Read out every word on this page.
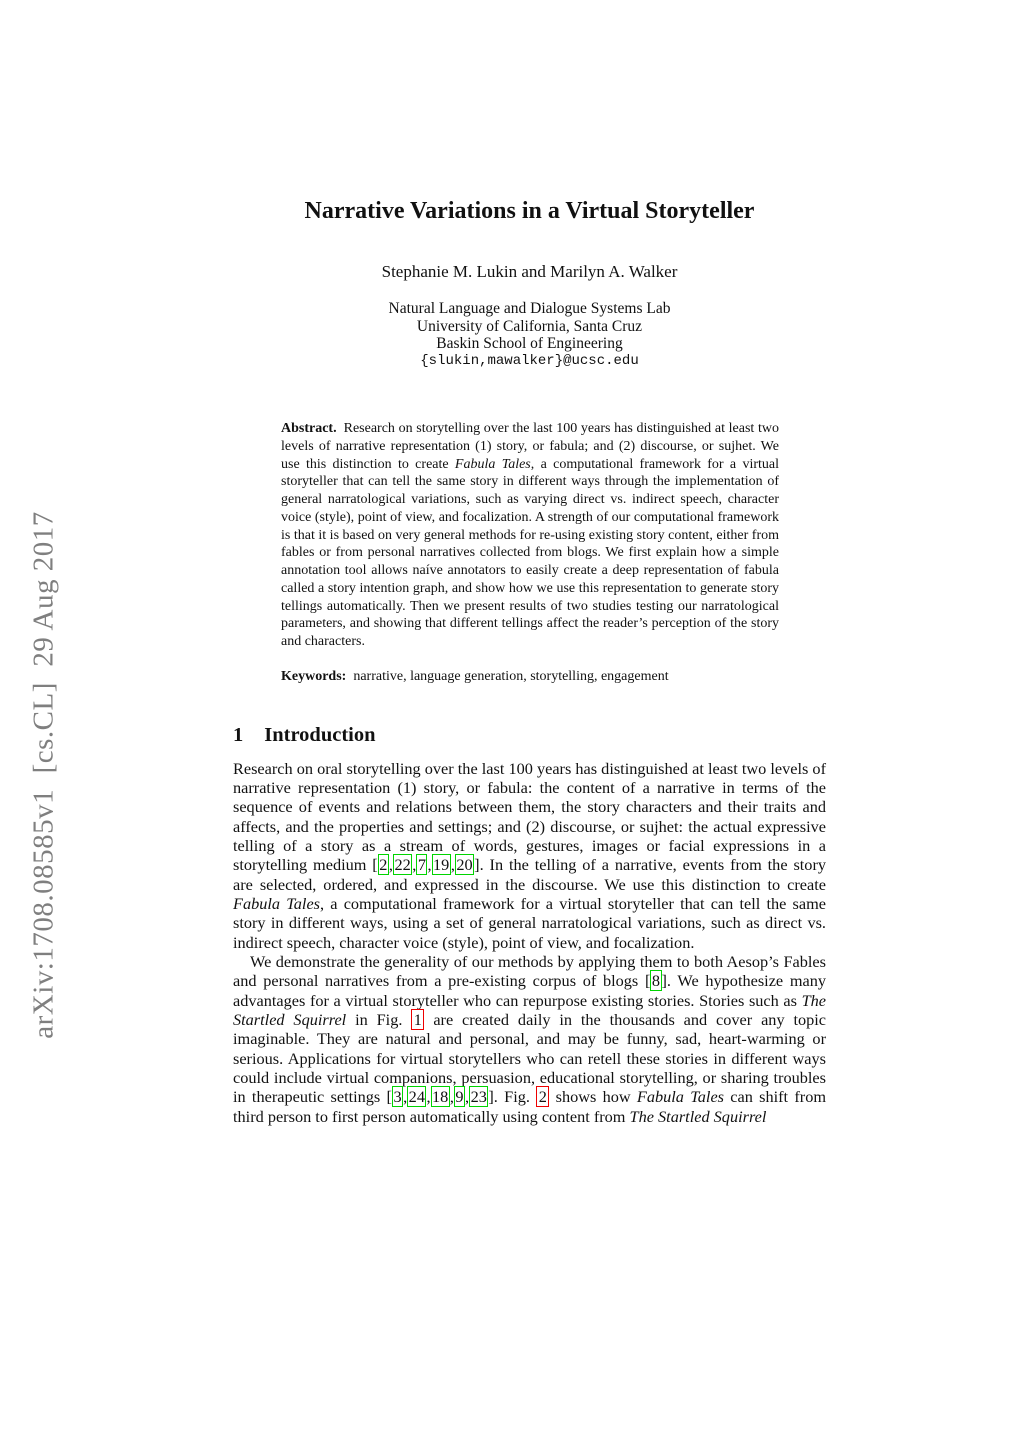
arXiv:1708.08585v1  [cs.CL]  29 Aug 2017
Narrative Variations in a Virtual Storyteller
Stephanie M. Lukin and Marilyn A. Walker
Natural Language and Dialogue Systems Lab
University of California, Santa Cruz
Baskin School of Engineering
{slukin,mawalker}@ucsc.edu

Abstract. Research on storytelling over the last 100 years has distinguished at least two levels of narrative representation (1) story, or fabula; and (2) discourse, or sujhet. We use this distinction to create Fabula Tales, a computational framework for a virtual storyteller that can tell the same story in different ways through the implementation of general narratological variations, such as varying direct vs. indirect speech, character voice (style), point of view, and focalization. A strength of our computational framework is that it is based on very general methods for re-using existing story content, either from fables or from personal narratives collected from blogs. We first explain how a simple annotation tool allows naíve annotators to easily create a deep representation of fabula called a story intention graph, and show how we use this representation to generate story tellings automatically. Then we present results of two studies testing our narratological parameters, and showing that different tellings affect the reader’s perception of the story and characters.

Keywords: narrative, language generation, storytelling, engagement

1 Introduction

Research on oral storytelling over the last 100 years has distinguished at least two levels of narrative representation (1) story, or fabula: the content of a narrative in terms of the sequence of events and relations between them, the story characters and their traits and affects, and the properties and settings; and (2) discourse, or sujhet: the actual expressive telling of a story as a stream of words, gestures, images or facial expressions in a storytelling medium [2,22,7,19,20]. In the telling of a narrative, events from the story are selected, ordered, and expressed in the discourse. We use this distinction to create Fabula Tales, a computational framework for a virtual storyteller that can tell the same story in different ways, using a set of general narratological variations, such as direct vs. indirect speech, character voice (style), point of view, and focalization.

We demonstrate the generality of our methods by applying them to both Aesop’s Fables and personal narratives from a pre-existing corpus of blogs [8]. We hypothesize many advantages for a virtual storyteller who can repurpose existing stories. Stories such as The Startled Squirrel in Fig. 1 are created daily in the thousands and cover any topic imaginable. They are natural and personal, and may be funny, sad, heart-warming or serious. Applications for virtual storytellers who can retell these stories in different ways could include virtual companions, persuasion, educational storytelling, or sharing troubles in therapeutic settings [3,24,18,9,23]. Fig. 2 shows how Fabula Tales can shift from third person to first person automatically using content from The Startled Squirrel
